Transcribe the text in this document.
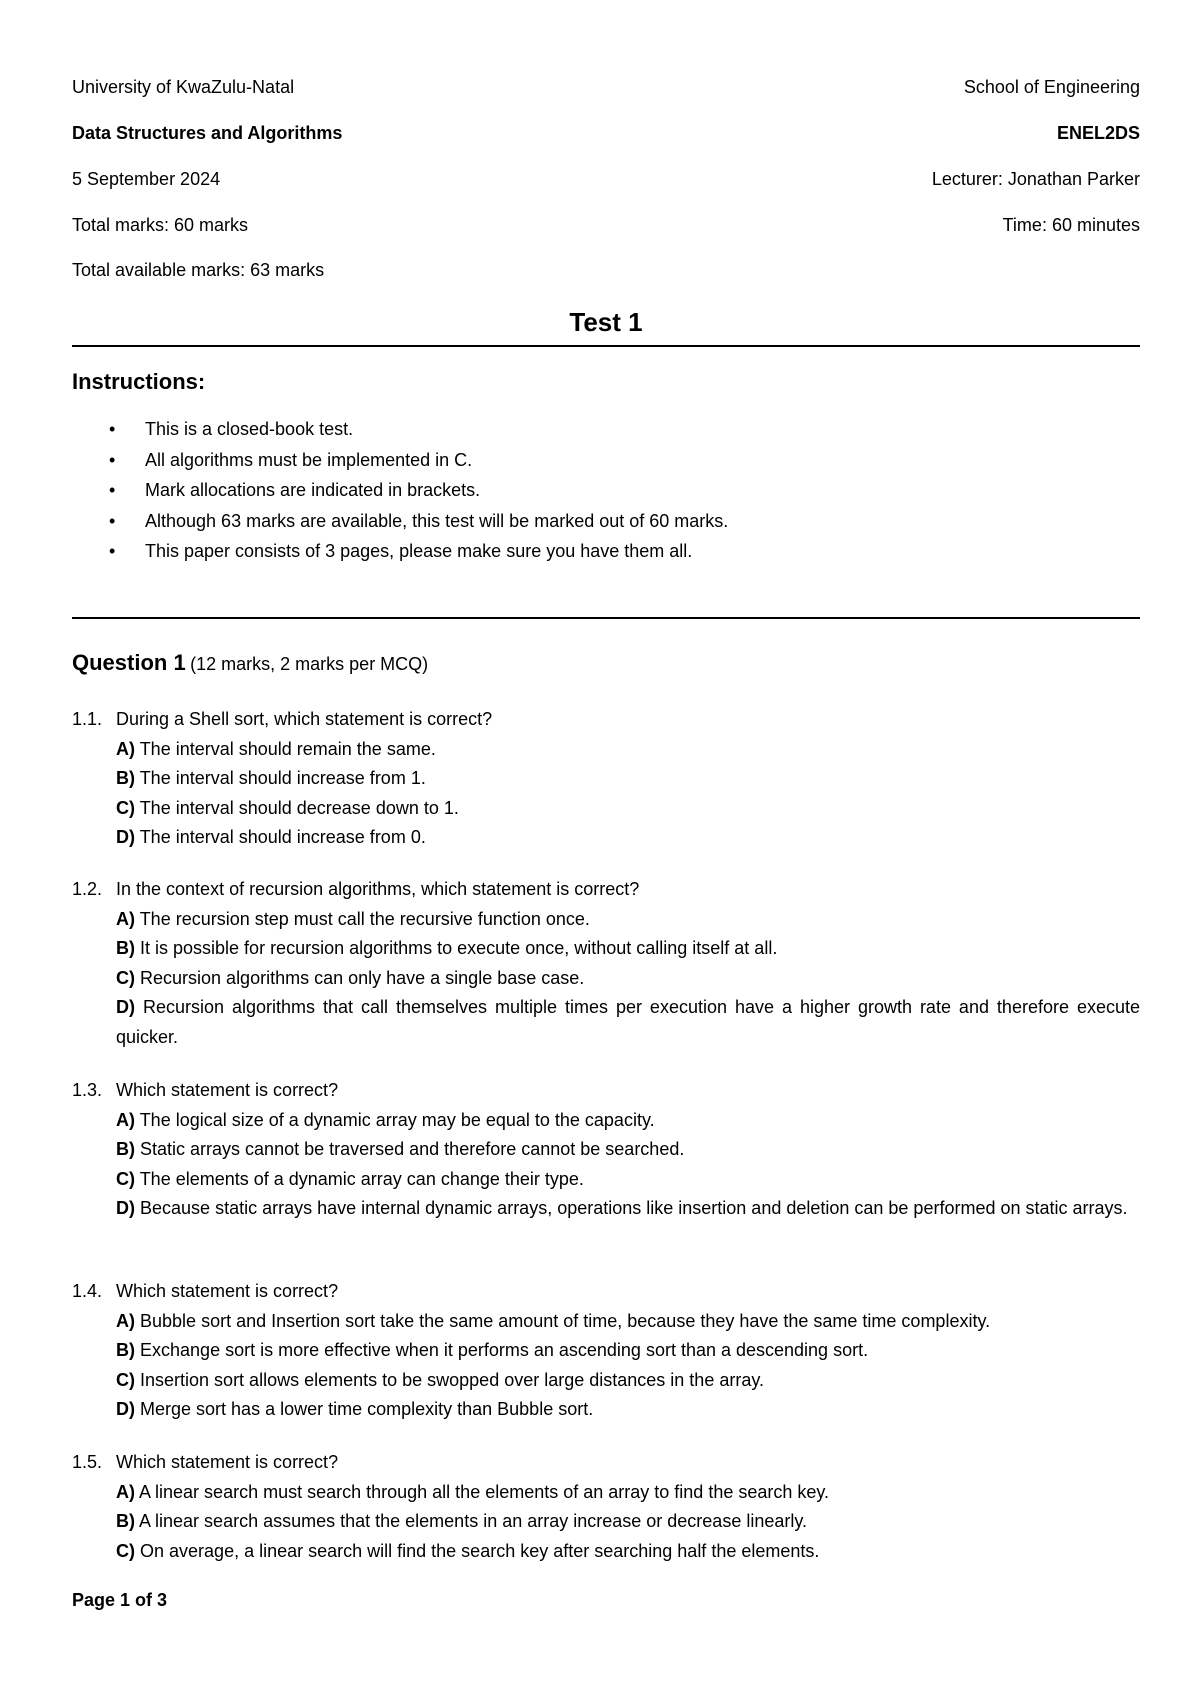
University of KwaZulu-Natal	School of Engineering
Data Structures and Algorithms	ENEL2DS
5 September 2024	Lecturer: Jonathan Parker
Total marks: 60 marks	Time: 60 minutes
Total available marks: 63 marks
Test 1
Instructions:
• This is a closed-book test.
• All algorithms must be implemented in C.
• Mark allocations are indicated in brackets.
• Although 63 marks are available, this test will be marked out of 60 marks.
• This paper consists of 3 pages, please make sure you have them all.
Question 1 (12 marks, 2 marks per MCQ)
1.1. During a Shell sort, which statement is correct?
A) The interval should remain the same.
B) The interval should increase from 1.
C) The interval should decrease down to 1.
D) The interval should increase from 0.
1.2. In the context of recursion algorithms, which statement is correct?
A) The recursion step must call the recursive function once.
B) It is possible for recursion algorithms to execute once, without calling itself at all.
C) Recursion algorithms can only have a single base case.
D) Recursion algorithms that call themselves multiple times per execution have a higher growth rate and therefore execute quicker.
1.3. Which statement is correct?
A) The logical size of a dynamic array may be equal to the capacity.
B) Static arrays cannot be traversed and therefore cannot be searched.
C) The elements of a dynamic array can change their type.
D) Because static arrays have internal dynamic arrays, operations like insertion and deletion can be performed on static arrays.
1.4. Which statement is correct?
A) Bubble sort and Insertion sort take the same amount of time, because they have the same time complexity.
B) Exchange sort is more effective when it performs an ascending sort than a descending sort.
C) Insertion sort allows elements to be swopped over large distances in the array.
D) Merge sort has a lower time complexity than Bubble sort.
1.5. Which statement is correct?
A) A linear search must search through all the elements of an array to find the search key.
B) A linear search assumes that the elements in an array increase or decrease linearly.
C) On average, a linear search will find the search key after searching half the elements.
Page 1 of 3
